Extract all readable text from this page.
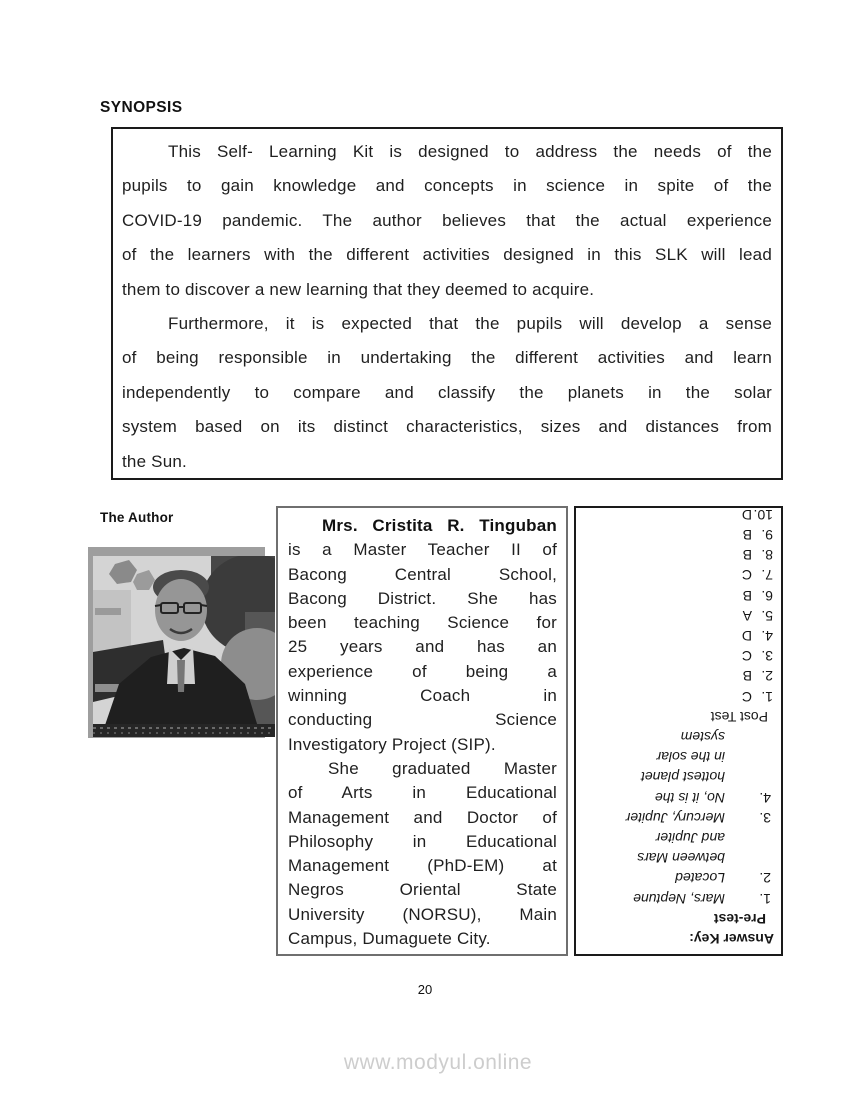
SYNOPSIS
This Self- Learning Kit is designed to address the needs of the
pupils to gain knowledge and concepts in science in spite of the
COVID-19 pandemic. The author believes that the actual experience
of the learners with the different activities designed in this SLK will lead
them to discover a new learning that they deemed to acquire.
Furthermore, it is expected that the pupils will develop a sense
of being responsible in undertaking the different activities and learn
independently to compare and classify the planets in the solar
system based on its distinct characteristics, sizes and distances from
the Sun.
The Author	Mrs. Cristita R. Tinguban
is a Master Teacher II of
Bacong Central School,
Bacong District. She has
been teaching Science for
25 years and has an
experience of being a
winning Coach in
conducting Science
Investigatory Project (SIP).
She graduated Master
of Arts in Educational
Management and Doctor of
Philosophy in Educational
Management (PhD-EM) at
Negros Oriental State
University (NORSU), Main
Campus, Dumaguete City.	Answer Key:
Pre-test
1.
Mars, Neptune
2.
Located
between Mars
and Jupiter
3.
Mercury, Jupiter
4.
No, it is the
hottest planet
in the solar
system
Post Test
1.
C
2.
B
3.
C
4.
D
5.
A
6.
B
7.
C
8.
B
9.
B
10.
D
20
www.modyul.online
